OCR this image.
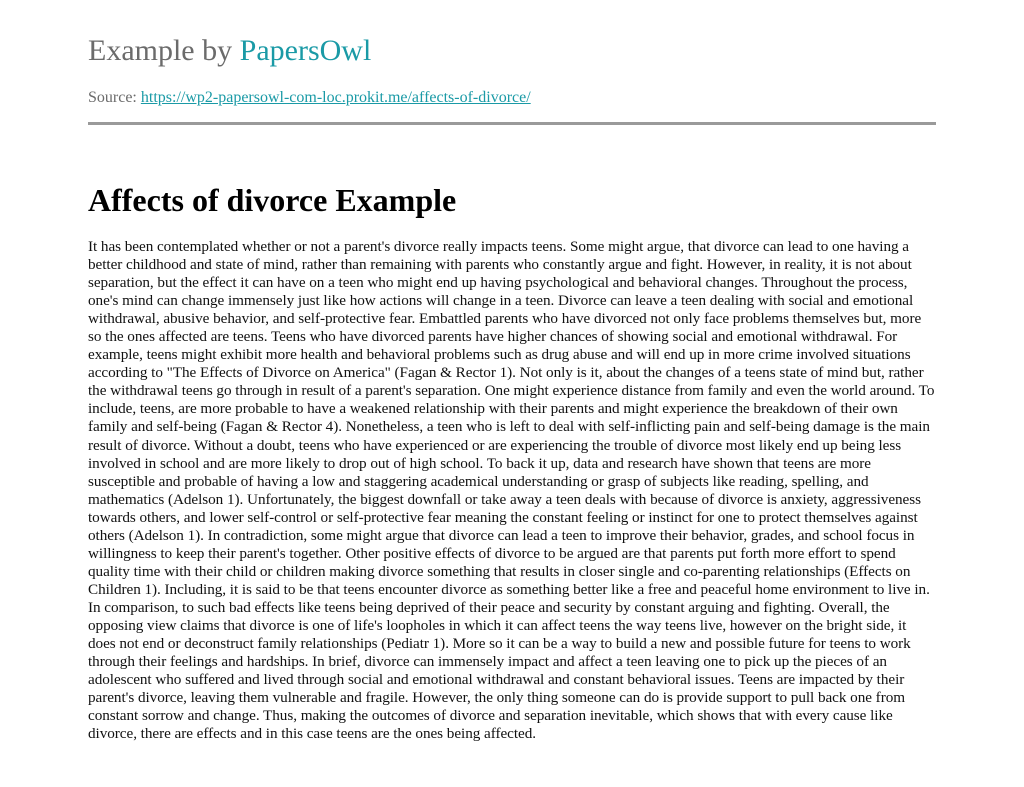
Example by PapersOwl
Source: https://wp2-papersowl-com-loc.prokit.me/affects-of-divorce/
Affects of divorce Example

It has been contemplated whether or not a parent's divorce really impacts teens. Some might argue, that divorce can lead to one having a better childhood and state of mind, rather than remaining with parents who constantly argue and fight. However, in reality, it is not about separation, but the effect it can have on a teen who might end up having psychological and behavioral changes. Throughout the process, one's mind can change immensely just like how actions will change in a teen. Divorce can leave a teen dealing with social and emotional withdrawal, abusive behavior, and self-protective fear. Embattled parents who have divorced not only face problems themselves but, more so the ones affected are teens. Teens who have divorced parents have higher chances of showing social and emotional withdrawal. For example, teens might exhibit more health and behavioral problems such as drug abuse and will end up in more crime involved situations according to "The Effects of Divorce on America" (Fagan & Rector 1). Not only is it, about the changes of a teens state of mind but, rather the withdrawal teens go through in result of a parent's separation. One might experience distance from family and even the world around. To include, teens, are more probable to have a weakened relationship with their parents and might experience the breakdown of their own family and self-being (Fagan & Rector 4). Nonetheless, a teen who is left to deal with self-inflicting pain and self-being damage is the main result of divorce. Without a doubt, teens who have experienced or are experiencing the trouble of divorce most likely end up being less involved in school and are more likely to drop out of high school. To back it up, data and research have shown that teens are more susceptible and probable of having a low and staggering academical understanding or grasp of subjects like reading, spelling, and mathematics (Adelson 1). Unfortunately, the biggest downfall or take away a teen deals with because of divorce is anxiety, aggressiveness towards others, and lower self-control or self-protective fear meaning the constant feeling or instinct for one to protect themselves against others (Adelson 1). In contradiction, some might argue that divorce can lead a teen to improve their behavior, grades, and school focus in willingness to keep their parent's together. Other positive effects of divorce to be argued are that parents put forth more effort to spend quality time with their child or children making divorce something that results in closer single and co-parenting relationships (Effects on Children 1). Including, it is said to be that teens encounter divorce as something better like a free and peaceful home environment to live in. In comparison, to such bad effects like teens being deprived of their peace and security by constant arguing and fighting. Overall, the opposing view claims that divorce is one of life's loopholes in which it can affect teens the way teens live, however on the bright side, it does not end or deconstruct family relationships (Pediatr 1). More so it can be a way to build a new and possible future for teens to work through their feelings and hardships. In brief, divorce can immensely impact and affect a teen leaving one to pick up the pieces of an adolescent who suffered and lived through social and emotional withdrawal and constant behavioral issues. Teens are impacted by their parent's divorce, leaving them vulnerable and fragile. However, the only thing someone can do is provide support to pull back one from constant sorrow and change. Thus, making the outcomes of divorce and separation inevitable, which shows that with every cause like divorce, there are effects and in this case teens are the ones being affected.
